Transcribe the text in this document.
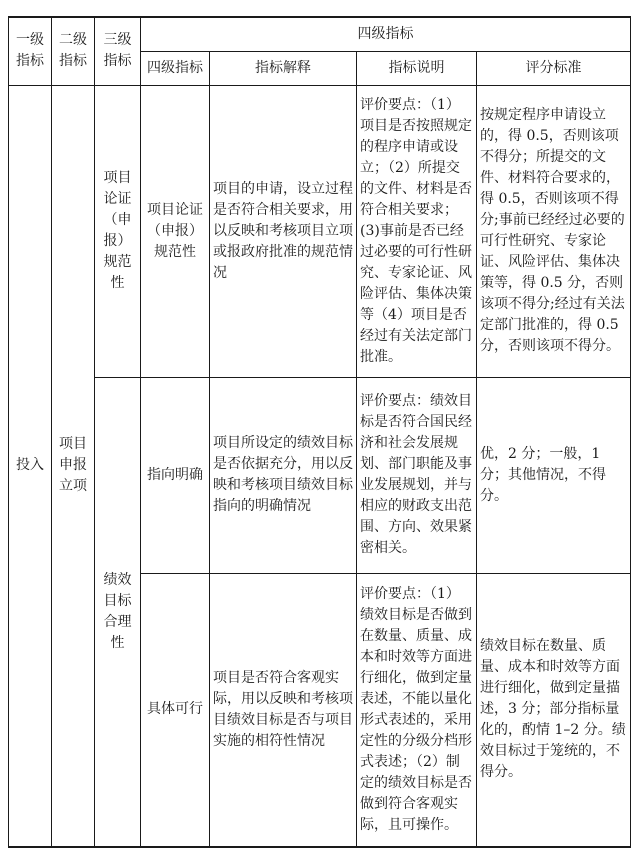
一级指标	二级指标	三级指标	四级指标			
			四级指标	指标解释	指标说明	评分标准
投入	项目申报立项	项目论证（申报）规范性	项目论证（申报）规范性	项目的申请，设立过程是否符合相关要求，用以反映和考核项目立项或报政府批准的规范情况	评价要点：（1）项目是否按照规定的程序申请或设立；（2）所提交的文件、材料是否符合相关要求；(3)事前是否已经过必要的可行性研究、专家论证、风险评估、集体决策等（4）项目是否经过有关法定部门批准。	按规定程序申请设立的，得 0.5，否则该项不得分；所提交的文件、材料符合要求的，得 0.5，否则该项不得分;事前已经经过必要的可行性研究、专家论证、风险评估、集体决策等，得 0.5 分，否则该项不得分;经过有关法定部门批准的，得 0.5 分，否则该项不得分。
		绩效目标合理性	指向明确	项目所设定的绩效目标是否依据充分，用以反映和考核项目绩效目标指向的明确情况	评价要点：绩效目标是否符合国民经济和社会发展规划、部门职能及事业发展规划，并与相应的财政支出范围、方向、效果紧密相关。	优，2 分；一般，1 分；其他情况，不得分。
			具体可行	项目是否符合客观实际，用以反映和考核项目绩效目标是否与项目实施的相符性情况	评价要点：（1）绩效目标是否做到在数量、质量、成本和时效等方面进行细化，做到定量表述，不能以量化形式表述的，采用定性的分级分档形式表述；（2）制定的绩效目标是否做到符合客观实际，且可操作。	绩效目标在数量、质量、成本和时效等方面进行细化，做到定量描述，3 分；部分指标量化的，酌情 1–2 分。绩效目标过于笼统的，不得分。
